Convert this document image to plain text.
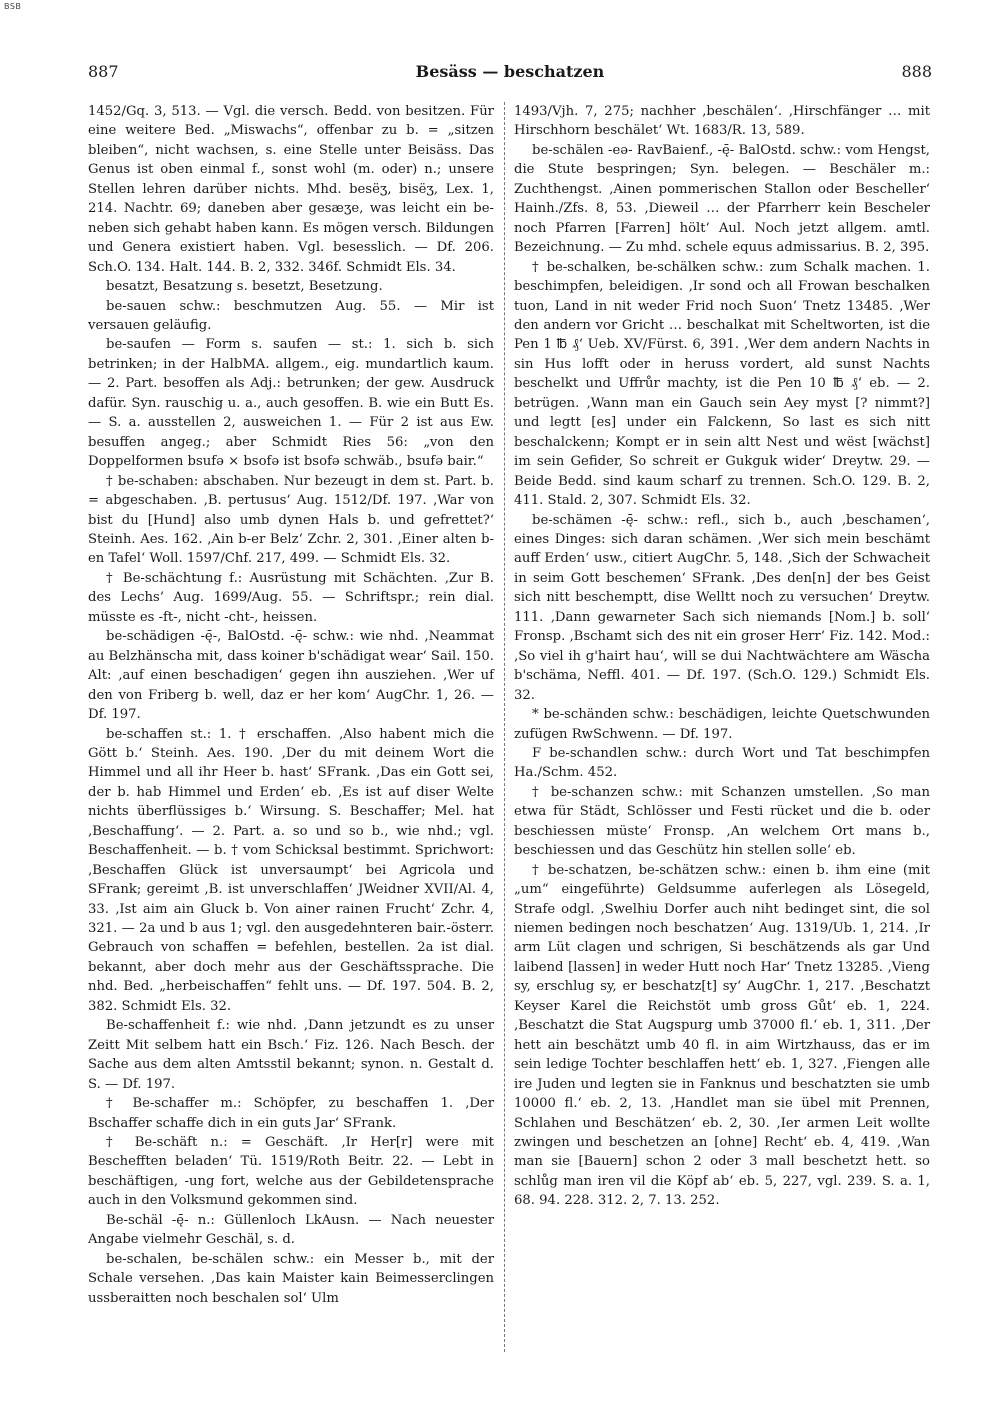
BSB
887	Besäss — beschatzen	888

1452/Gq. 3, 513. — Vgl. die versch. Bedd. von besitzen. Für eine weitere Bed. „Miswachs“, offenbar zu b. = „sitzen bleiben“, nicht wachsen, s. eine Stelle unter Beisäss. Das Genus ist oben einmal f., sonst wohl (m. oder) n.; unsere Stellen lehren darüber nichts. Mhd. besëʒ, bisëʒ, Lex. 1, 214. Nachtr. 69; daneben aber gesæʒe, was leicht ein be- neben sich gehabt haben kann. Es mögen versch. Bildungen und Genera existiert haben. Vgl. besesslich. — Df. 206. Sch.O. 134. Halt. 144. B. 2, 332. 346f. Schmidt Els. 34.

besatzt, Besatzung s. besetzt, Besetzung.

be-sauen schw.: beschmutzen Aug. 55. — Mir ist versauen geläufig.

be-saufen — Form s. saufen — st.: 1. sich b. sich betrinken; in der HalbMA. allgem., eig. mundartlich kaum. — 2. Part. besoffen als Adj.: betrunken; der gew. Ausdruck dafür. Syn. rauschig u. a., auch gesoffen. B. wie ein Butt Es. — S. a. ausstellen 2, ausweichen 1. — Für 2 ist aus Ew. besuffen angeg.; aber Schmidt Ries 56: „von den Doppelformen bsufə × bsofə ist bsofə schwäb., bsufə bair.“

† be-schaben: abschaben. Nur bezeugt in dem st. Part. b. = abgeschaben. ‚B. pertusus‘ Aug. 1512/Df. 197. ‚War von bist du [Hund] also umb dynen Hals b. und gefrettet?‘ Steinh. Aes. 162. ‚Ain b-er Belz‘ Zchr. 2, 301. ‚Einer alten b-en Tafel‘ Woll. 1597/Chf. 217, 499. — Schmidt Els. 32.

† Be-schächtung f.: Ausrüstung mit Schächten. ‚Zur B. des Lechs‘ Aug. 1699/Aug. 55. — Schriftspr.; rein dial. müsste es -ft-, nicht -cht-, heissen.

be-schädigen -ę̄-, BalOstd. -ę̄- schw.: wie nhd. ‚Neammat au Belzhänscha mit, dass koiner b'schädigat wear‘ Sail. 150. Alt: ‚auf einen beschadigen‘ gegen ihn ausziehen. ‚Wer uf den von Friberg b. well, daz er her kom‘ AugChr. 1, 26. — Df. 197.

be-schaffen st.: 1. † erschaffen. ‚Also habent mich die Gött b.‘ Steinh. Aes. 190. ‚Der du mit deinem Wort die Himmel und all ihr Heer b. hast‘ SFrank. ‚Das ein Gott sei, der b. hab Himmel und Erden‘ eb. ‚Es ist auf diser Welte nichts überflüssiges b.‘ Wirsung. S. Beschaffer; Mel. hat ‚Beschaffung‘. — 2. Part. a. so und so b., wie nhd.; vgl. Beschaffenheit. — b. † vom Schicksal bestimmt. Sprichwort: ‚Beschaffen Glück ist unversaumpt‘ bei Agricola und SFrank; gereimt ‚B. ist unverschlaffen‘ JWeidner XVII/Al. 4, 33. ‚Ist aim ain Gluck b. Von ainer rainen Frucht‘ Zchr. 4, 321. — 2a und b aus 1; vgl. den ausgedehnteren bair.-österr. Gebrauch von schaffen = befehlen, bestellen. 2a ist dial. bekannt, aber doch mehr aus der Geschäftssprache. Die nhd. Bed. „herbeischaffen“ fehlt uns. — Df. 197. 504. B. 2, 382. Schmidt Els. 32.

Be-schaffenheit f.: wie nhd. ‚Dann jetzundt es zu unser Zeitt Mit selbem hatt ein Bsch.‘ Fiz. 126. Nach Besch. der Sache aus dem alten Amtsstil bekannt; synon. n. Gestalt d. S. — Df. 197.

† Be-schaffer m.: Schöpfer, zu beschaffen 1. ‚Der Bschaffer schaffe dich in ein guts Jar‘ SFrank.

† Be-schäft n.: = Geschäft. ‚Ir Her[r] were mit Beschefften beladen‘ Tü. 1519/Roth Beitr. 22. — Lebt in beschäftigen, -ung fort, welche aus der Gebildetensprache auch in den Volksmund gekommen sind.

Be-schäl -ę̄- n.: Güllenloch LkAusn. — Nach neuester Angabe vielmehr Geschäl, s. d.

be-schalen, be-schälen schw.: ein Messer b., mit der Schale versehen. ‚Das kain Maister kain Beimesserclingen ussberaitten noch beschalen sol‘ Ulm

1493/Vjh. 7, 275; nachher ‚beschälen‘. ‚Hirschfänger … mit Hirschhorn beschälet‘ Wt. 1683/R. 13, 589.

be-schälen -eə- RavBaienf., -ę̄- BalOstd. schw.: vom Hengst, die Stute bespringen; Syn. belegen. — Beschäler m.: Zuchthengst. ‚Ainen pommerischen Stallon oder Bescheller‘ Hainh./Zfs. 8, 53. ‚Dieweil … der Pfarrherr kein Bescheler noch Pfarren [Farren] hölt‘ Aul. Noch jetzt allgem. amtl. Bezeichnung. — Zu mhd. schele equus admissarius. B. 2, 395.

† be-schalken, be-schälken schw.: zum Schalk machen. 1. beschimpfen, beleidigen. ‚Ir sond och all Frowan beschalken tuon, Land in nit weder Frid noch Suon‘ Tnetz 13485. ‚Wer den andern vor Gricht … beschalkat mit Scheltworten, ist die Pen 1 ℔ ₰‘ Ueb. XV/Fürst. 6, 391. ‚Wer dem andern Nachts in sin Hus lofft oder in heruss vordert, ald sunst Nachts beschelkt und Uffrůr machty, ist die Pen 10 ℔ ₰‘ eb. — 2. betrügen. ‚Wann man ein Gauch sein Aey myst [? nimmt?] und legtt [es] under ein Falckenn, So last es sich nitt beschalckenn; Kompt er in sein altt Nest und wëst [wächst] im sein Gefider, So schreit er Gukguk wider‘ Dreytw. 29. — Beide Bedd. sind kaum scharf zu trennen. Sch.O. 129. B. 2, 411. Stald. 2, 307. Schmidt Els. 32.

be-schämen -ę̄- schw.: refl., sich b., auch ‚beschamen‘, eines Dinges: sich daran schämen. ‚Wer sich mein beschämt auff Erden‘ usw., citiert AugChr. 5, 148. ‚Sich der Schwacheit in seim Gott beschemen‘ SFrank. ‚Des den[n] der bes Geist sich nitt beschemptt, dise Welltt noch zu versuchen‘ Dreytw. 111. ‚Dann gewarneter Sach sich niemands [Nom.] b. soll‘ Fronsp. ‚Bschamt sich des nit ein groser Herr‘ Fiz. 142. Mod.: ‚So viel ih g'hairt hau‘, will se dui Nachtwächtere am Wäscha b'schäma, Neffl. 401. — Df. 197. (Sch.O. 129.) Schmidt Els. 32.

* be-schänden schw.: beschädigen, leichte Quetschwunden zufügen RwSchwenn. — Df. 197.

F be-schandlen schw.: durch Wort und Tat beschimpfen Ha./Schm. 452.

† be-schanzen schw.: mit Schanzen umstellen. ‚So man etwa für Städt, Schlösser und Festi rücket und die b. oder beschiessen müste‘ Fronsp. ‚An welchem Ort mans b., beschiessen und das Geschütz hin stellen solle‘ eb.

† be-schatzen, be-schätzen schw.: einen b. ihm eine (mit „um“ eingeführte) Geldsumme auferlegen als Lösegeld, Strafe odgl. ‚Swelhiu Dorfer auch niht bedinget sint, die sol niemen bedingen noch beschatzen‘ Aug. 1319/Ub. 1, 214. ‚Ir arm Lüt clagen und schrigen, Si beschätzends als gar Und laibend [lassen] in weder Hutt noch Har‘ Tnetz 13285. ‚Vieng sy, erschlug sy, er beschatz[t] sy‘ AugChr. 1, 217. ‚Beschatzt Keyser Karel die Reichstöt umb gross Gůt‘ eb. 1, 224. ‚Beschatzt die Stat Augspurg umb 37000 fl.‘ eb. 1, 311. ‚Der hett ain beschätzt umb 40 fl. in aim Wirtzhauss, das er im sein ledige Tochter beschlaffen hett‘ eb. 1, 327. ‚Fiengen alle ire Juden und legten sie in Fanknus und beschatzten sie umb 10000 fl.‘ eb. 2, 13. ‚Handlet man sie übel mit Prennen, Schlahen und Beschätzen‘ eb. 2, 30. ‚Ier armen Leit wollte zwingen und beschetzen an [ohne] Recht‘ eb. 4, 419. ‚Wan man sie [Bauern] schon 2 oder 3 mall beschetzt hett. so schlůg man iren vil die Köpf ab‘ eb. 5, 227, vgl. 239. S. a. 1, 68. 94. 228. 312. 2, 7. 13. 252.
